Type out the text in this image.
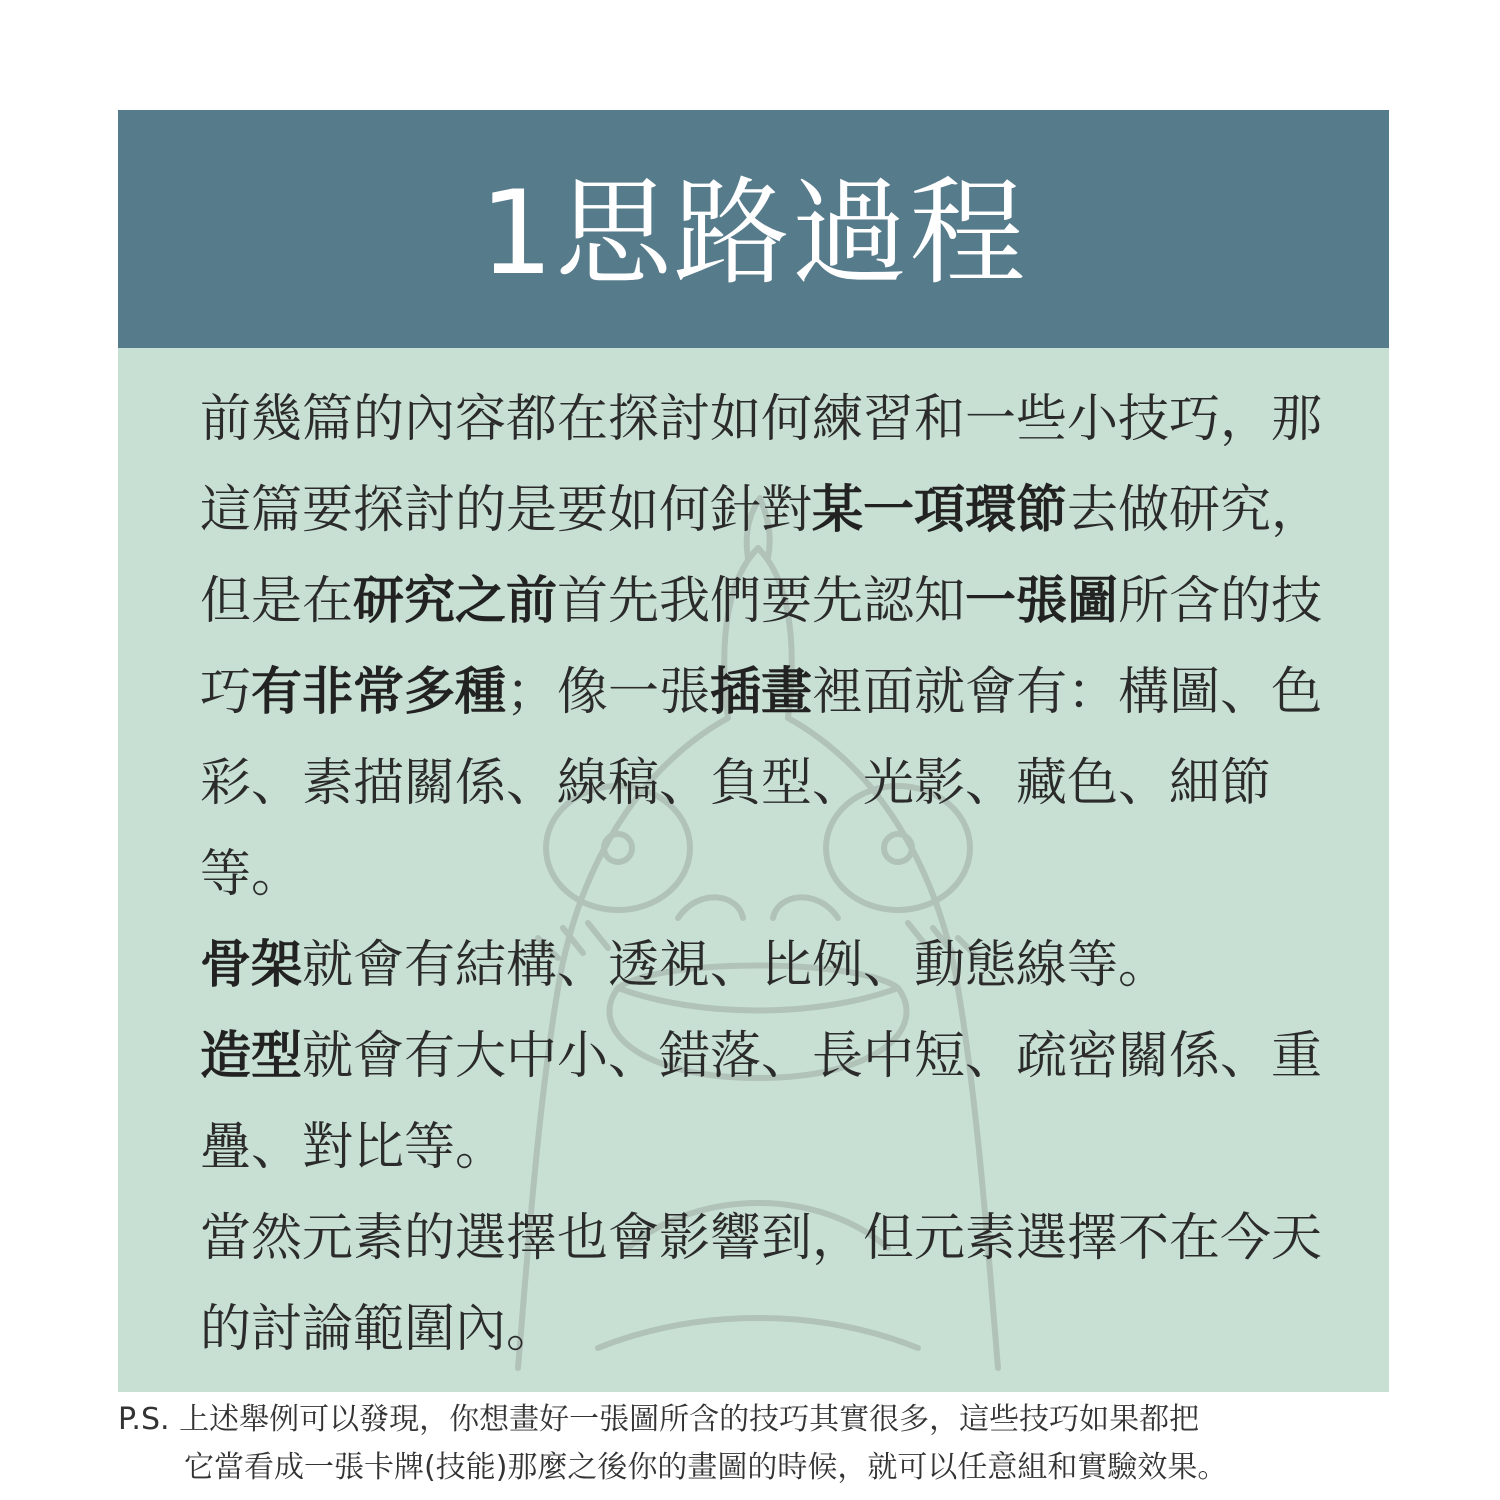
1思路過程

前幾篇的內容都在探討如何練習和一些小技巧，那這篇要探討的是要如何針對某一項環節去做研究，但是在研究之前首先我們要先認知一張圖所含的技巧有非常多種；像一張插畫裡面就會有：構圖、色彩、素描關係、線稿、負型、光影、藏色、細節等。

骨架就會有結構、透視、比例、動態線等。

造型就會有大中小、錯落、長中短、疏密關係、重疊、對比等。

當然元素的選擇也會影響到，但元素選擇不在今天的討論範圍內。

P.S. 上述舉例可以發現，你想畫好一張圖所含的技巧其實很多，這些技巧如果都把
它當看成一張卡牌(技能)那麼之後你的畫圖的時候，就可以任意組和實驗效果。
